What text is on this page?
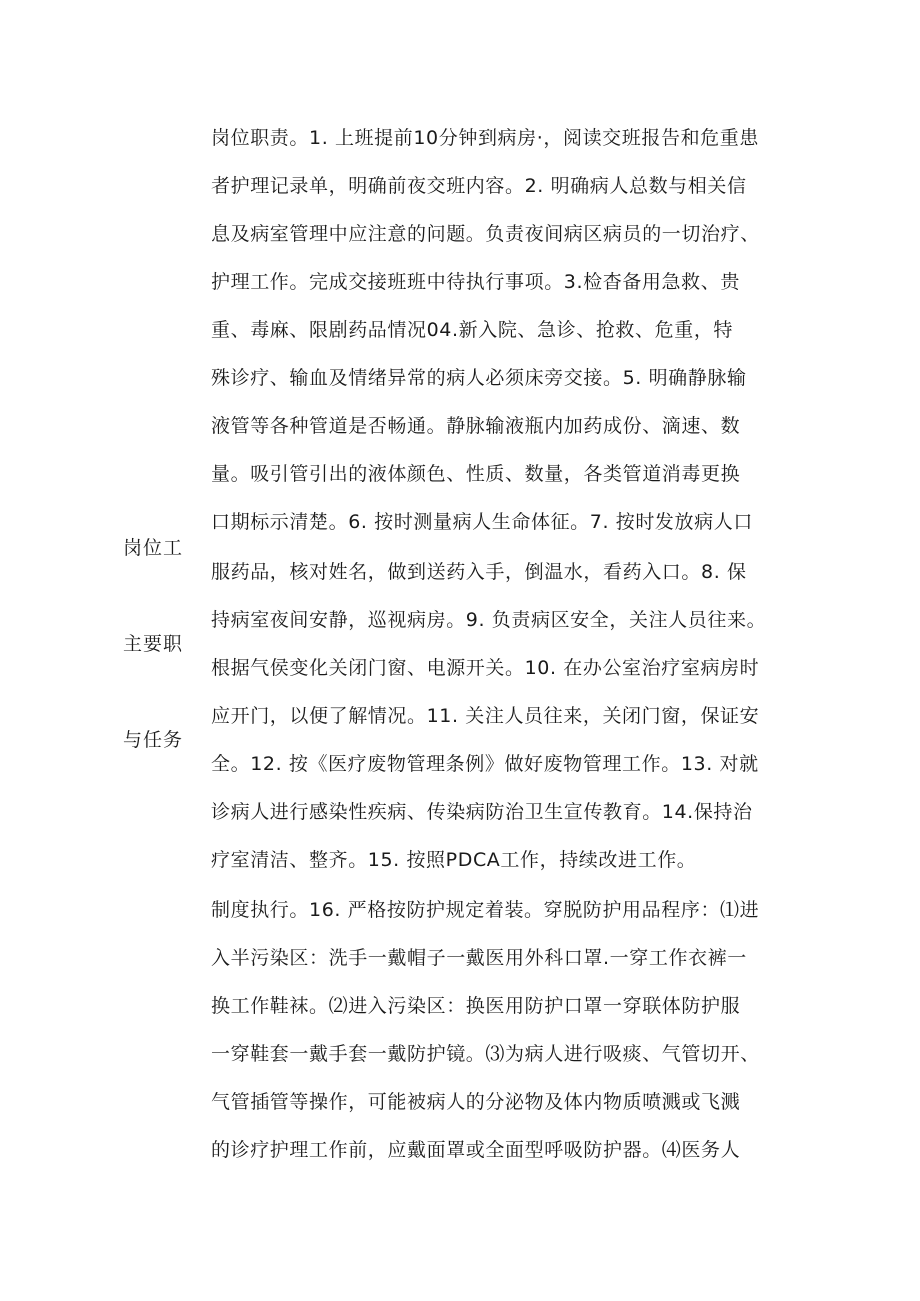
岗位工
主要职
与任务
岗位职责。1. 上班提前10分钟到病房·，阅读交班报告和危重患
者护理记录单，明确前夜交班内容。2. 明确病人总数与相关信
息及病室管理中应注意的问题。负责夜间病区病员的一切治疗、
护理工作。完成交接班班中待执行事项。3.检杳备用急救、贵
重、毒麻、限剧药品情况04.新入院、急诊、抢救、危重，特
殊诊疗、输血及情绪异常的病人必须床旁交接。5. 明确静脉输
液管等各种管道是否畅通。静脉输液瓶内加药成份、滴速、数
量。吸引管引出的液体颜色、性质、数量，各类管道消毒更换
口期标示清楚。6. 按时测量病人生命体征。7. 按时发放病人口
服药品，核对姓名，做到送药入手，倒温水，看药入口。8. 保
持病室夜间安静，巡视病房。9. 负责病区安全，关注人员往来。
根据气侯变化关闭门窗、电源开关。10. 在办公室治疗室病房时
应开门，以便了解情况。11. 关注人员往来，关闭门窗，保证安
全。12. 按《医疗废物管理条例》做好废物管理工作。13. 对就
诊病人进行感染性疾病、传染病防治卫生宣传教育。14.保持治
疗室清洁、整齐。15. 按照PDCA工作，持续改进工作。
制度执行。16. 严格按防护规定着装。穿脱防护用品程序：⑴进
入半污染区：洗手一戴帽子一戴医用外科口罩.一穿工作衣裤一
换工作鞋袜。⑵进入污染区：换医用防护口罩一穿联体防护服
一穿鞋套一戴手套一戴防护镜。⑶为病人进行吸痰、气管切开、
气管插管等操作，可能被病人的分泌物及体内物质喷溅或飞溅
的诊疗护理工作前，应戴面罩或全面型呼吸防护器。⑷医务人
